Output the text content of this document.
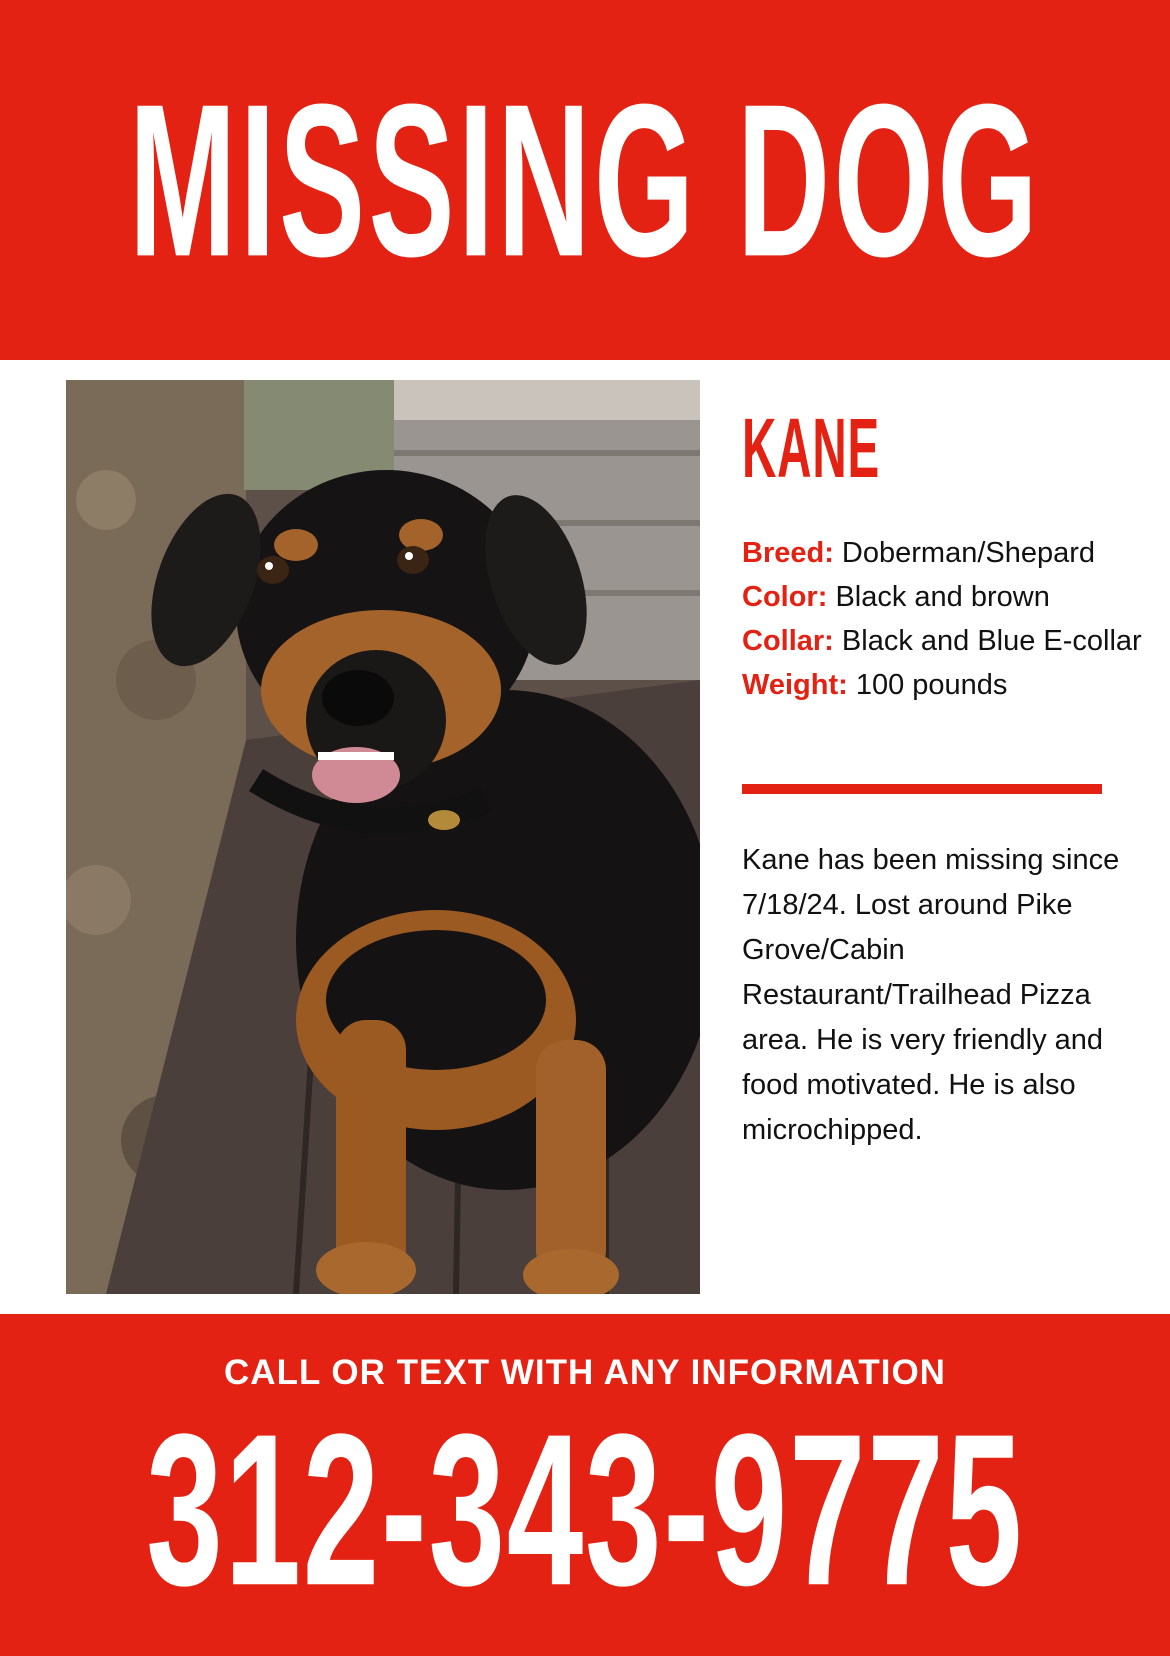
MISSING DOG
KANE
Breed: Doberman/Shepard
Color: Black and brown
Collar: Black and Blue E-collar
Weight: 100 pounds
Kane has been missing since 7/18/24. Lost around Pike Grove/Cabin Restaurant/Trailhead Pizza area. He is very friendly and food motivated. He is also microchipped.
CALL OR TEXT WITH ANY INFORMATION
312-343-9775
